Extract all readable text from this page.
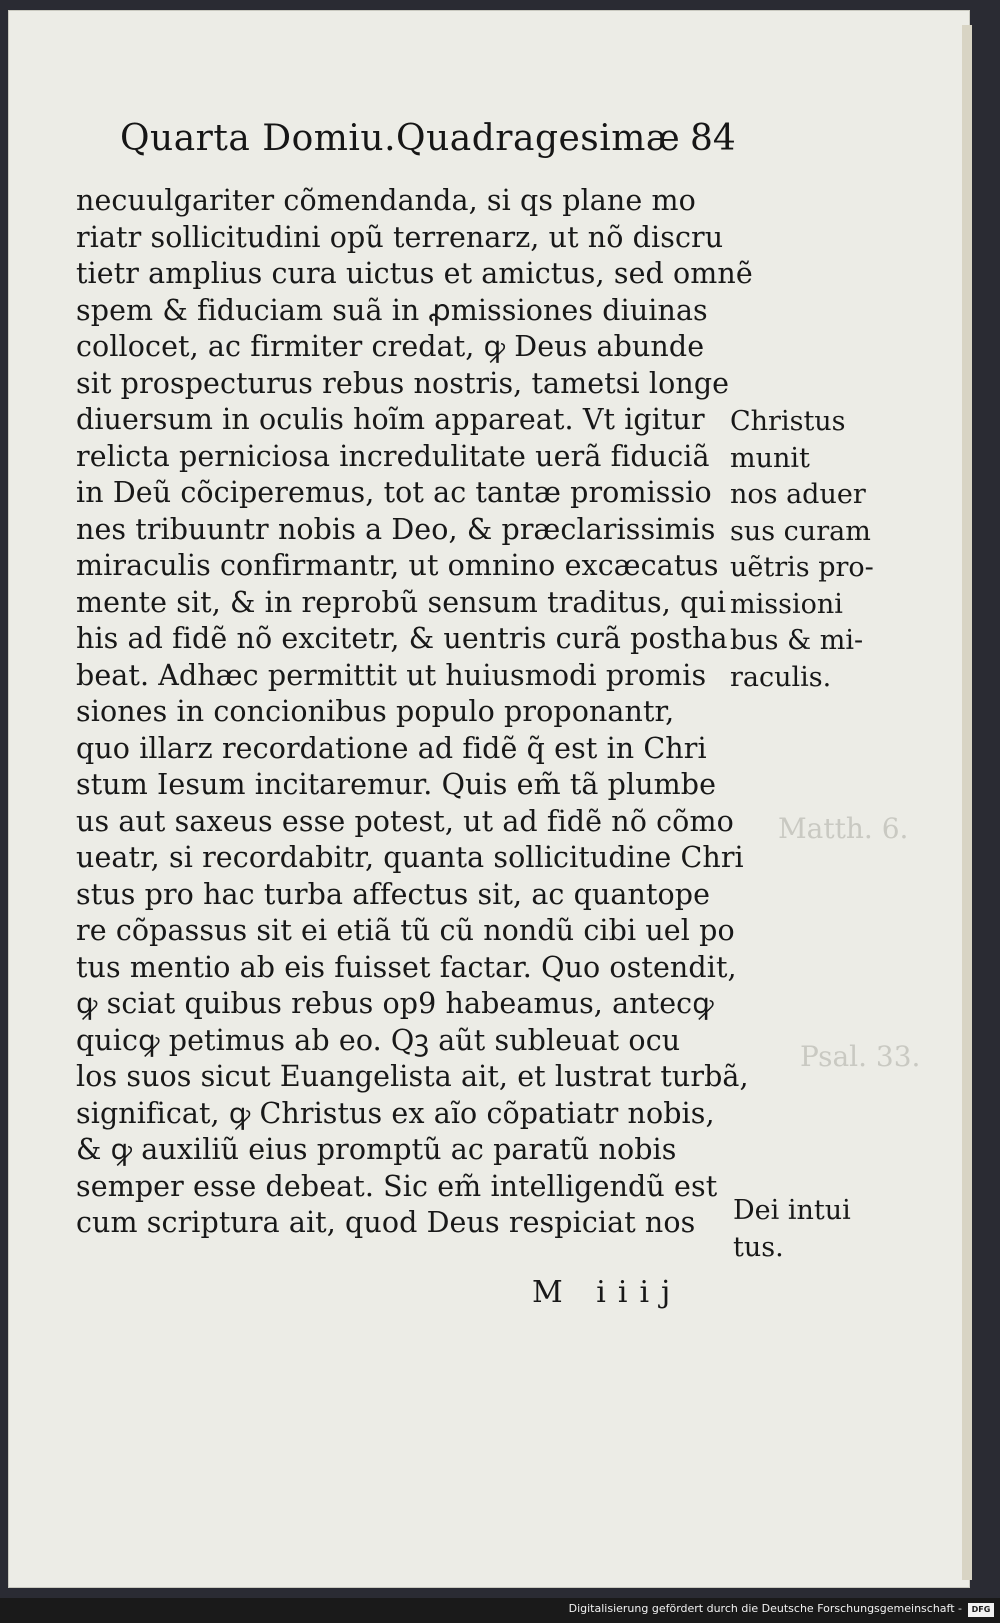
Quarta Domiu.Quadragesimæ 84
necuulgariter cõmendanda, si qs plane mo
riatr sollicitudini opũ terrenarz, ut nõ discru
tietr amplius cura uictus et amictus, sed omnẽ
spem & fiduciam suã in ꝓmissiones diuinas
collocet, ac firmiter credat, ꝙ Deus abunde
sit prospecturus rebus nostris, tametsi longe
diuersum in oculis hoĩm appareat. Vt igitur
relicta perniciosa incredulitate uerã fiduciã
in Deũ cõciperemus, tot ac tantæ promissio
nes tribuuntr nobis a Deo, & præclarissimis
miraculis confirmantr, ut omnino excæcatus
mente sit, & in reprobũ sensum traditus, qui
his ad fidẽ nõ excitetr, & uentris curã postha
beat. Adhæc permittit ut huiusmodi promis
siones in concionibus populo proponantr,
quo illarz recordatione ad fidẽ q̃ est in Chri
stum Iesum incitaremur. Quis em̃ tã plumbe
us aut saxeus esse potest, ut ad fidẽ nõ cõmo
ueatr, si recordabitr, quanta sollicitudine Chri
stus pro hac turba affectus sit, ac quantope
re cõpassus sit ei etiã tũ cũ nondũ cibi uel po
tus mentio ab eis fuisset factar. Quo ostendit,
ꝙ sciat quibus rebus op9 habeamus, antecꝙ
quicꝙ petimus ab eo. Qꝫ aũt subleuat ocu
los suos sicut Euangelista ait, et lustrat turbã,
significat, ꝙ Christus ex aĩo cõpatiatr nobis,
& ꝙ auxiliũ eius promptũ ac paratũ nobis
semper esse debeat. Sic em̃ intelligendũ est
cum scriptura ait, quod Deus respiciat nos
Christus
munit
nos aduer
sus curam
uẽtris pro-
missioni
bus & mi-
raculis.
Dei intui
tus.
Matth. 6.
Psal. 33.
M iiij
Digitalisierung gefördert durch die Deutsche Forschungsgemeinschaft -	DFG
